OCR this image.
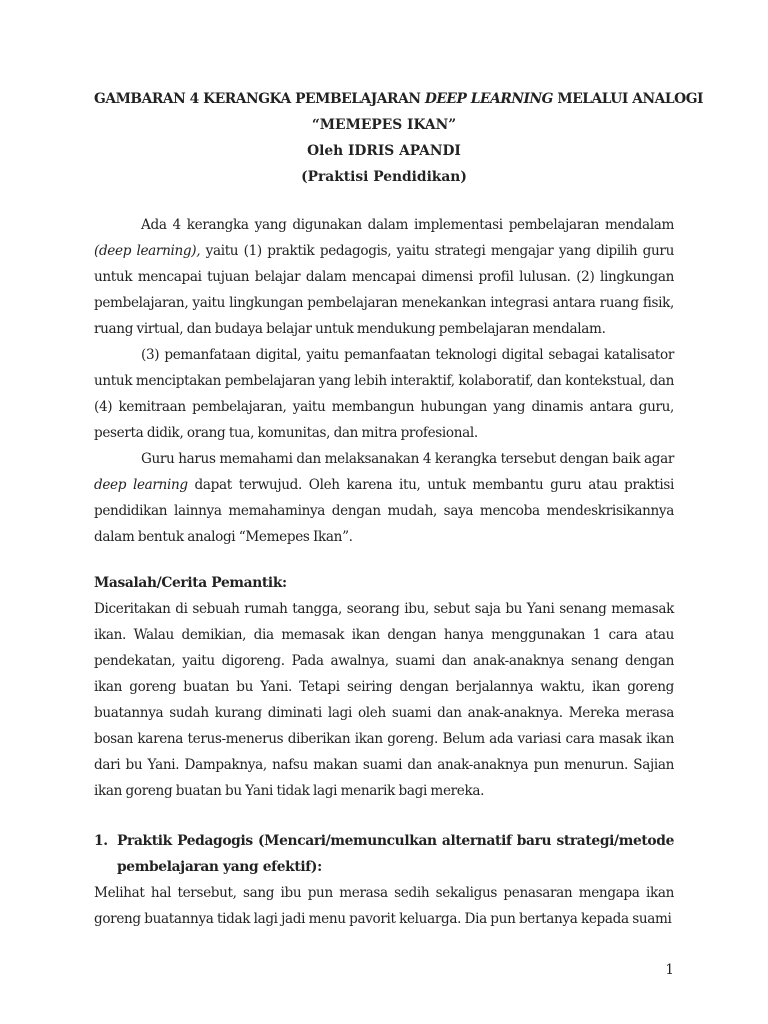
GAMBARAN 4 KERANGKA PEMBELAJARAN DEEP LEARNING MELALUI ANALOGI
“MEMEPES IKAN”
Oleh IDRIS APANDI
(Praktisi Pendidikan)

Ada 4 kerangka yang digunakan dalam implementasi pembelajaran mendalam (deep learning), yaitu (1) praktik pedagogis, yaitu strategi mengajar yang dipilih guru untuk mencapai tujuan belajar dalam mencapai dimensi profil lulusan. (2) lingkungan pembelajaran, yaitu lingkungan pembelajaran menekankan integrasi antara ruang fisik, ruang virtual, dan budaya belajar untuk mendukung pembelajaran mendalam.

(3) pemanfataan digital, yaitu pemanfaatan teknologi digital sebagai katalisator untuk menciptakan pembelajaran yang lebih interaktif, kolaboratif, dan kontekstual, dan (4) kemitraan pembelajaran, yaitu membangun hubungan yang dinamis antara guru, peserta didik, orang tua, komunitas, dan mitra profesional.

Guru harus memahami dan melaksanakan 4 kerangka tersebut dengan baik agar deep learning dapat terwujud. Oleh karena itu, untuk membantu guru atau praktisi pendidikan lainnya memahaminya dengan mudah, saya mencoba mendeskrisikannya dalam bentuk analogi “Memepes Ikan”.

Masalah/Cerita Pemantik:

Diceritakan di sebuah rumah tangga, seorang ibu, sebut saja bu Yani senang memasak ikan. Walau demikian, dia memasak ikan dengan hanya menggunakan 1 cara atau pendekatan, yaitu digoreng. Pada awalnya, suami dan anak-anaknya senang dengan ikan goreng buatan bu Yani. Tetapi seiring dengan berjalannya waktu, ikan goreng buatannya sudah kurang diminati lagi oleh suami dan anak-anaknya. Mereka merasa bosan karena terus-menerus diberikan ikan goreng. Belum ada variasi cara masak ikan dari bu Yani. Dampaknya, nafsu makan suami dan anak-anaknya pun menurun. Sajian ikan goreng buatan bu Yani tidak lagi menarik bagi mereka.

1. Praktik Pedagogis (Mencari/memunculkan alternatif baru strategi/metode pembelajaran yang efektif):

Melihat hal tersebut, sang ibu pun merasa sedih sekaligus penasaran mengapa ikan goreng buatannya tidak lagi jadi menu pavorit keluarga. Dia pun bertanya kepada suami

1
